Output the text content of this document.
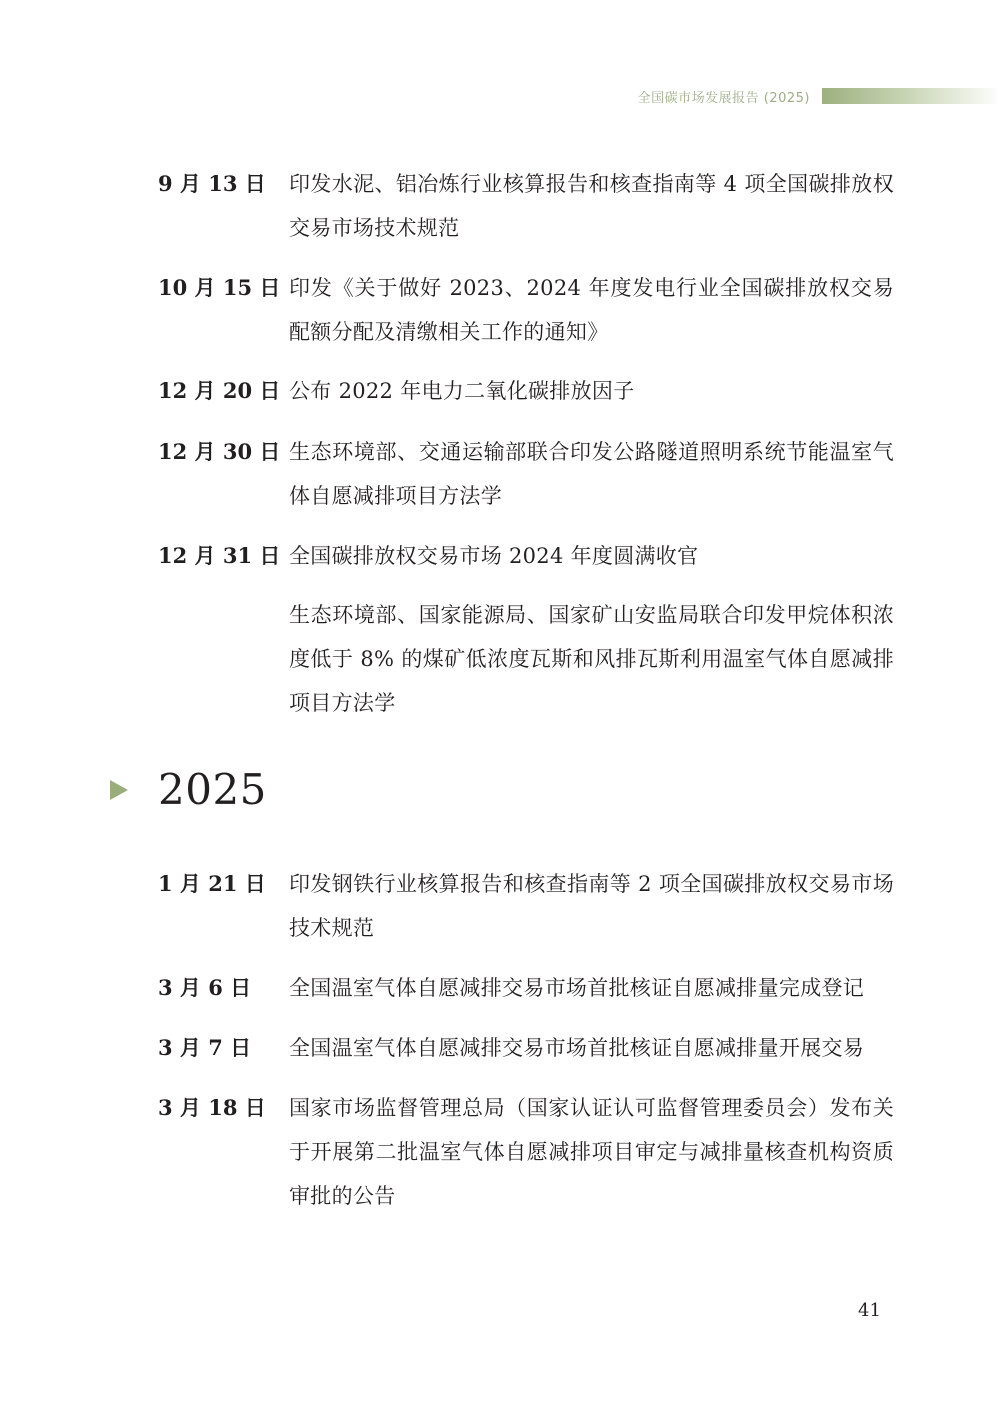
全国碳市场发展报告 (2025)
9 月 13 日 印发水泥、铝冶炼行业核算报告和核查指南等 4 项全国碳排放权交易市场技术规范
10 月 15 日 印发《关于做好 2023、2024 年度发电行业全国碳排放权交易配额分配及清缴相关工作的通知》
12 月 20 日 公布 2022 年电力二氧化碳排放因子
12 月 30 日 生态环境部、交通运输部联合印发公路隧道照明系统节能温室气体自愿减排项目方法学
12 月 31 日 全国碳排放权交易市场 2024 年度圆满收官
生态环境部、国家能源局、国家矿山安监局联合印发甲烷体积浓度低于 8% 的煤矿低浓度瓦斯和风排瓦斯利用温室气体自愿减排项目方法学
2025
1 月 21 日 印发钢铁行业核算报告和核查指南等 2 项全国碳排放权交易市场技术规范
3 月 6 日 全国温室气体自愿减排交易市场首批核证自愿减排量完成登记
3 月 7 日 全国温室气体自愿减排交易市场首批核证自愿减排量开展交易
3 月 18 日 国家市场监督管理总局（国家认证认可监督管理委员会）发布关于开展第二批温室气体自愿减排项目审定与减排量核查机构资质审批的公告
41
